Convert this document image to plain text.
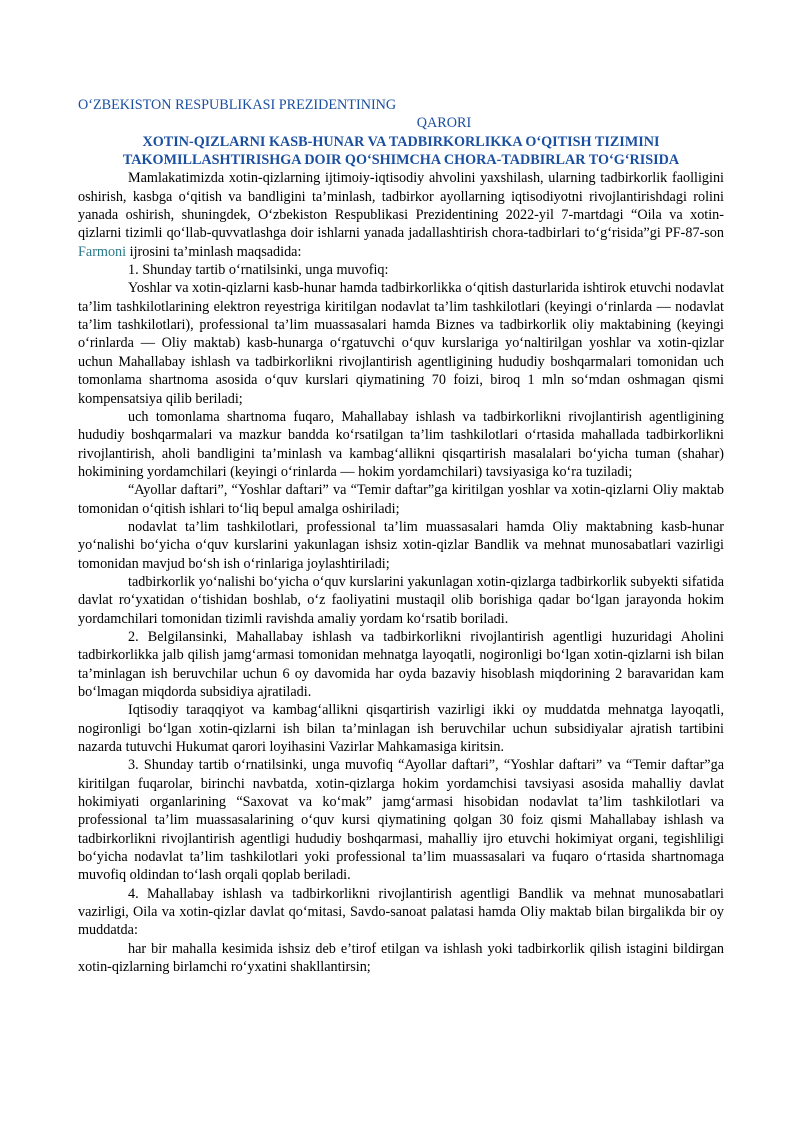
O‘ZBEKISTON RESPUBLIKASI PREZIDENTINING

QARORI

XOTIN-QIZLARNI KASB-HUNAR VA TADBIRKORLIKKA O‘QITISH TIZIMINI

TAKOMILLASHTIRISHGA DOIR QO‘SHIMCHA CHORA-TADBIRLAR TO‘G‘RISIDA

Mamlakatimizda xotin-qizlarning ijtimoiy-iqtisodiy ahvolini yaxshilash, ularning tadbirkorlik faolligini oshirish, kasbga o‘qitish va bandligini ta’minlash, tadbirkor ayollarning iqtisodiyotni rivojlantirishdagi rolini yanada oshirish, shuningdek, O‘zbekiston Respublikasi Prezidentining 2022-yil 7-martdagi “Oila va xotin-qizlarni tizimli qo‘llab-quvvatlashga doir ishlarni yanada jadallashtirish chora-tadbirlari to‘g‘risida”gi PF-87-son Farmoni ijrosini ta’minlash maqsadida:

1. Shunday tartib o‘rnatilsinki, unga muvofiq:

Yoshlar va xotin-qizlarni kasb-hunar hamda tadbirkorlikka o‘qitish dasturlarida ishtirok etuvchi nodavlat ta’lim tashkilotlarining elektron reyestriga kiritilgan nodavlat ta’lim tashkilotlari (keyingi o‘rinlarda — nodavlat ta’lim tashkilotlari), professional ta’lim muassasalari hamda Biznes va tadbirkorlik oliy maktabining (keyingi o‘rinlarda — Oliy maktab) kasb-hunarga o‘rgatuvchi o‘quv kurslariga yo‘naltirilgan yoshlar va xotin-qizlar uchun Mahallabay ishlash va tadbirkorlikni rivojlantirish agentligining hududiy boshqarmalari tomonidan uch tomonlama shartnoma asosida o‘quv kurslari qiymatining 70 foizi, biroq 1 mln so‘mdan oshmagan qismi kompensatsiya qilib beriladi;

uch tomonlama shartnoma fuqaro, Mahallabay ishlash va tadbirkorlikni rivojlantirish agentligining hududiy boshqarmalari va mazkur bandda ko‘rsatilgan ta’lim tashkilotlari o‘rtasida mahallada tadbirkorlikni rivojlantirish, aholi bandligini ta’minlash va kambag‘allikni qisqartirish masalalari bo‘yicha tuman (shahar) hokimining yordamchilari (keyingi o‘rinlarda — hokim yordamchilari) tavsiyasiga ko‘ra tuziladi;

“Ayollar daftari”, “Yoshlar daftari” va “Temir daftar”ga kiritilgan yoshlar va xotin-qizlarni Oliy maktab tomonidan o‘qitish ishlari to‘liq bepul amalga oshiriladi;

nodavlat ta’lim tashkilotlari, professional ta’lim muassasalari hamda Oliy maktabning kasb-hunar yo‘nalishi bo‘yicha o‘quv kurslarini yakunlagan ishsiz xotin-qizlar Bandlik va mehnat munosabatlari vazirligi tomonidan mavjud bo‘sh ish o‘rinlariga joylashtiriladi;

tadbirkorlik yo‘nalishi bo‘yicha o‘quv kurslarini yakunlagan xotin-qizlarga tadbirkorlik subyekti sifatida davlat ro‘yxatidan o‘tishidan boshlab, o‘z faoliyatini mustaqil olib borishiga qadar bo‘lgan jarayonda hokim yordamchilari tomonidan tizimli ravishda amaliy yordam ko‘rsatib boriladi.

2. Belgilansinki, Mahallabay ishlash va tadbirkorlikni rivojlantirish agentligi huzuridagi Aholini tadbirkorlikka jalb qilish jamg‘armasi tomonidan mehnatga layoqatli, nogironligi bo‘lgan xotin-qizlarni ish bilan ta’minlagan ish beruvchilar uchun 6 oy davomida har oyda bazaviy hisoblash miqdorining 2 baravaridan kam bo‘lmagan miqdorda subsidiya ajratiladi.

Iqtisodiy taraqqiyot va kambag‘allikni qisqartirish vazirligi ikki oy muddatda mehnatga layoqatli, nogironligi bo‘lgan xotin-qizlarni ish bilan ta’minlagan ish beruvchilar uchun subsidiyalar ajratish tartibini nazarda tutuvchi Hukumat qarori loyihasini Vazirlar Mahkamasiga kiritsin.

3. Shunday tartib o‘rnatilsinki, unga muvofiq “Ayollar daftari”, “Yoshlar daftari” va “Temir daftar”ga kiritilgan fuqarolar, birinchi navbatda, xotin-qizlarga hokim yordamchisi tavsiyasi asosida mahalliy davlat hokimiyati organlarining “Saxovat va ko‘mak” jamg‘armasi hisobidan nodavlat ta’lim tashkilotlari va professional ta’lim muassasalarining o‘quv kursi qiymatining qolgan 30 foiz qismi Mahallabay ishlash va tadbirkorlikni rivojlantirish agentligi hududiy boshqarmasi, mahalliy ijro etuvchi hokimiyat organi, tegishliligi bo‘yicha nodavlat ta’lim tashkilotlari yoki professional ta’lim muassasalari va fuqaro o‘rtasida shartnomaga muvofiq oldindan to‘lash orqali qoplab beriladi.

4. Mahallabay ishlash va tadbirkorlikni rivojlantirish agentligi Bandlik va mehnat munosabatlari vazirligi, Oila va xotin-qizlar davlat qo‘mitasi, Savdo-sanoat palatasi hamda Oliy maktab bilan birgalikda bir oy muddatda:

har bir mahalla kesimida ishsiz deb e’tirof etilgan va ishlash yoki tadbirkorlik qilish istagini bildirgan xotin-qizlarning birlamchi ro‘yxatini shakllantirsin;
